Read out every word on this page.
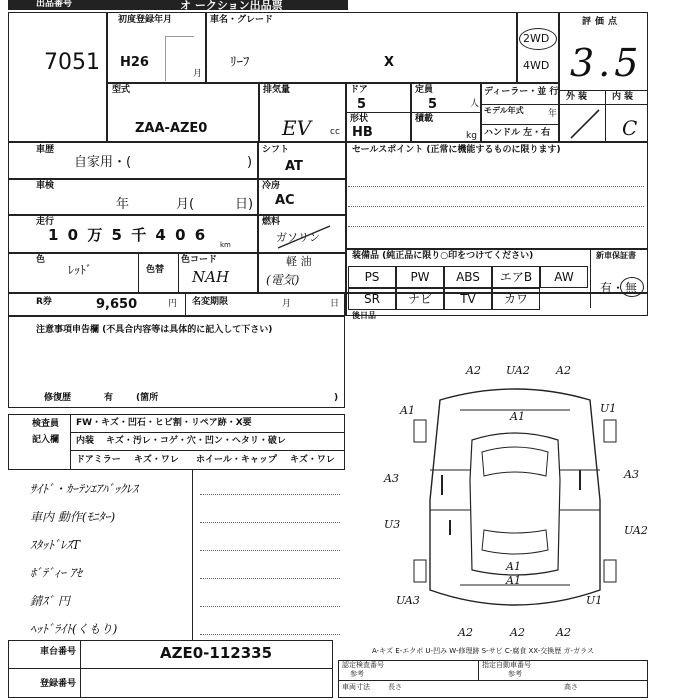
オ ークション出品票
出品番号
7051
初度登録年月
H26
月
車名・グレード
ﾘｰﾌ	X
2WD
4WD
評価点
3.5
外装 内装
C
型式
ZAA-AZE0
排気量
EV cc
ドア
5
定員
5	人
形状
HB
積載
kg
ディーラー・並 行
モデル年式	年
ハンドル 左・右
車歴
自家用・(	)
シフト
AT
セールスポイント (正常に機能するものに限ります)
車検
年	月(	日)
冷房
AC
走行
1 0 万 5 千 4 0 6
km
燃料
ガソリン
軽 油
(電気)
色
ﾚｯﾄﾞ	色替
色コード
NAH
装備品 (純正品に限り○印をつけてください)	新車保証書
有・ 無
PS	PW	ABS	エアB	AW
SR	ナビ	TV	カワ
R券	9,650	円 名変期限	月	日
後日品
注意事項申告欄 (不具合内容等は具体的に記入して下さい)
修復歴	有	(箇所	)
検査員
記入欄
FW・キズ・凹石・ヒビ割・リペア跡・X要
内装 キズ・汚レ・コゲ・穴・凹ン・ヘタリ・破レ
ドアミラー キズ・ワレ ホイール・キャップ キズ・ワレ
ｻｲﾄﾞ・ｶｰﾃﾝｴｱﾊﾞｯｸﾚｽ
車内 動作(ﾓﾆﾀｰ)
ｽﾀｯﾄﾞﾚｽT
ﾎﾞﾃﾞｨｰ ｱｾ
錆ｽﾞ 円
ﾍｯﾄﾞﾗｲﾄ(くもり)
A2 UA2 A2
A1	A1
U1
A1
A3	A3
U3	UA2
A1
UA3	U1
A2	A2	A2
A-キズ E-エクボ U-凹み W-修理跡 S-サビ C-腐食 XX-交換歴 ガ-ガラス
車台番号	AZE0-112335
登録番号
認定検査番号
参考
指定自動車番号
参考
車両寸法	長さ	高さ
